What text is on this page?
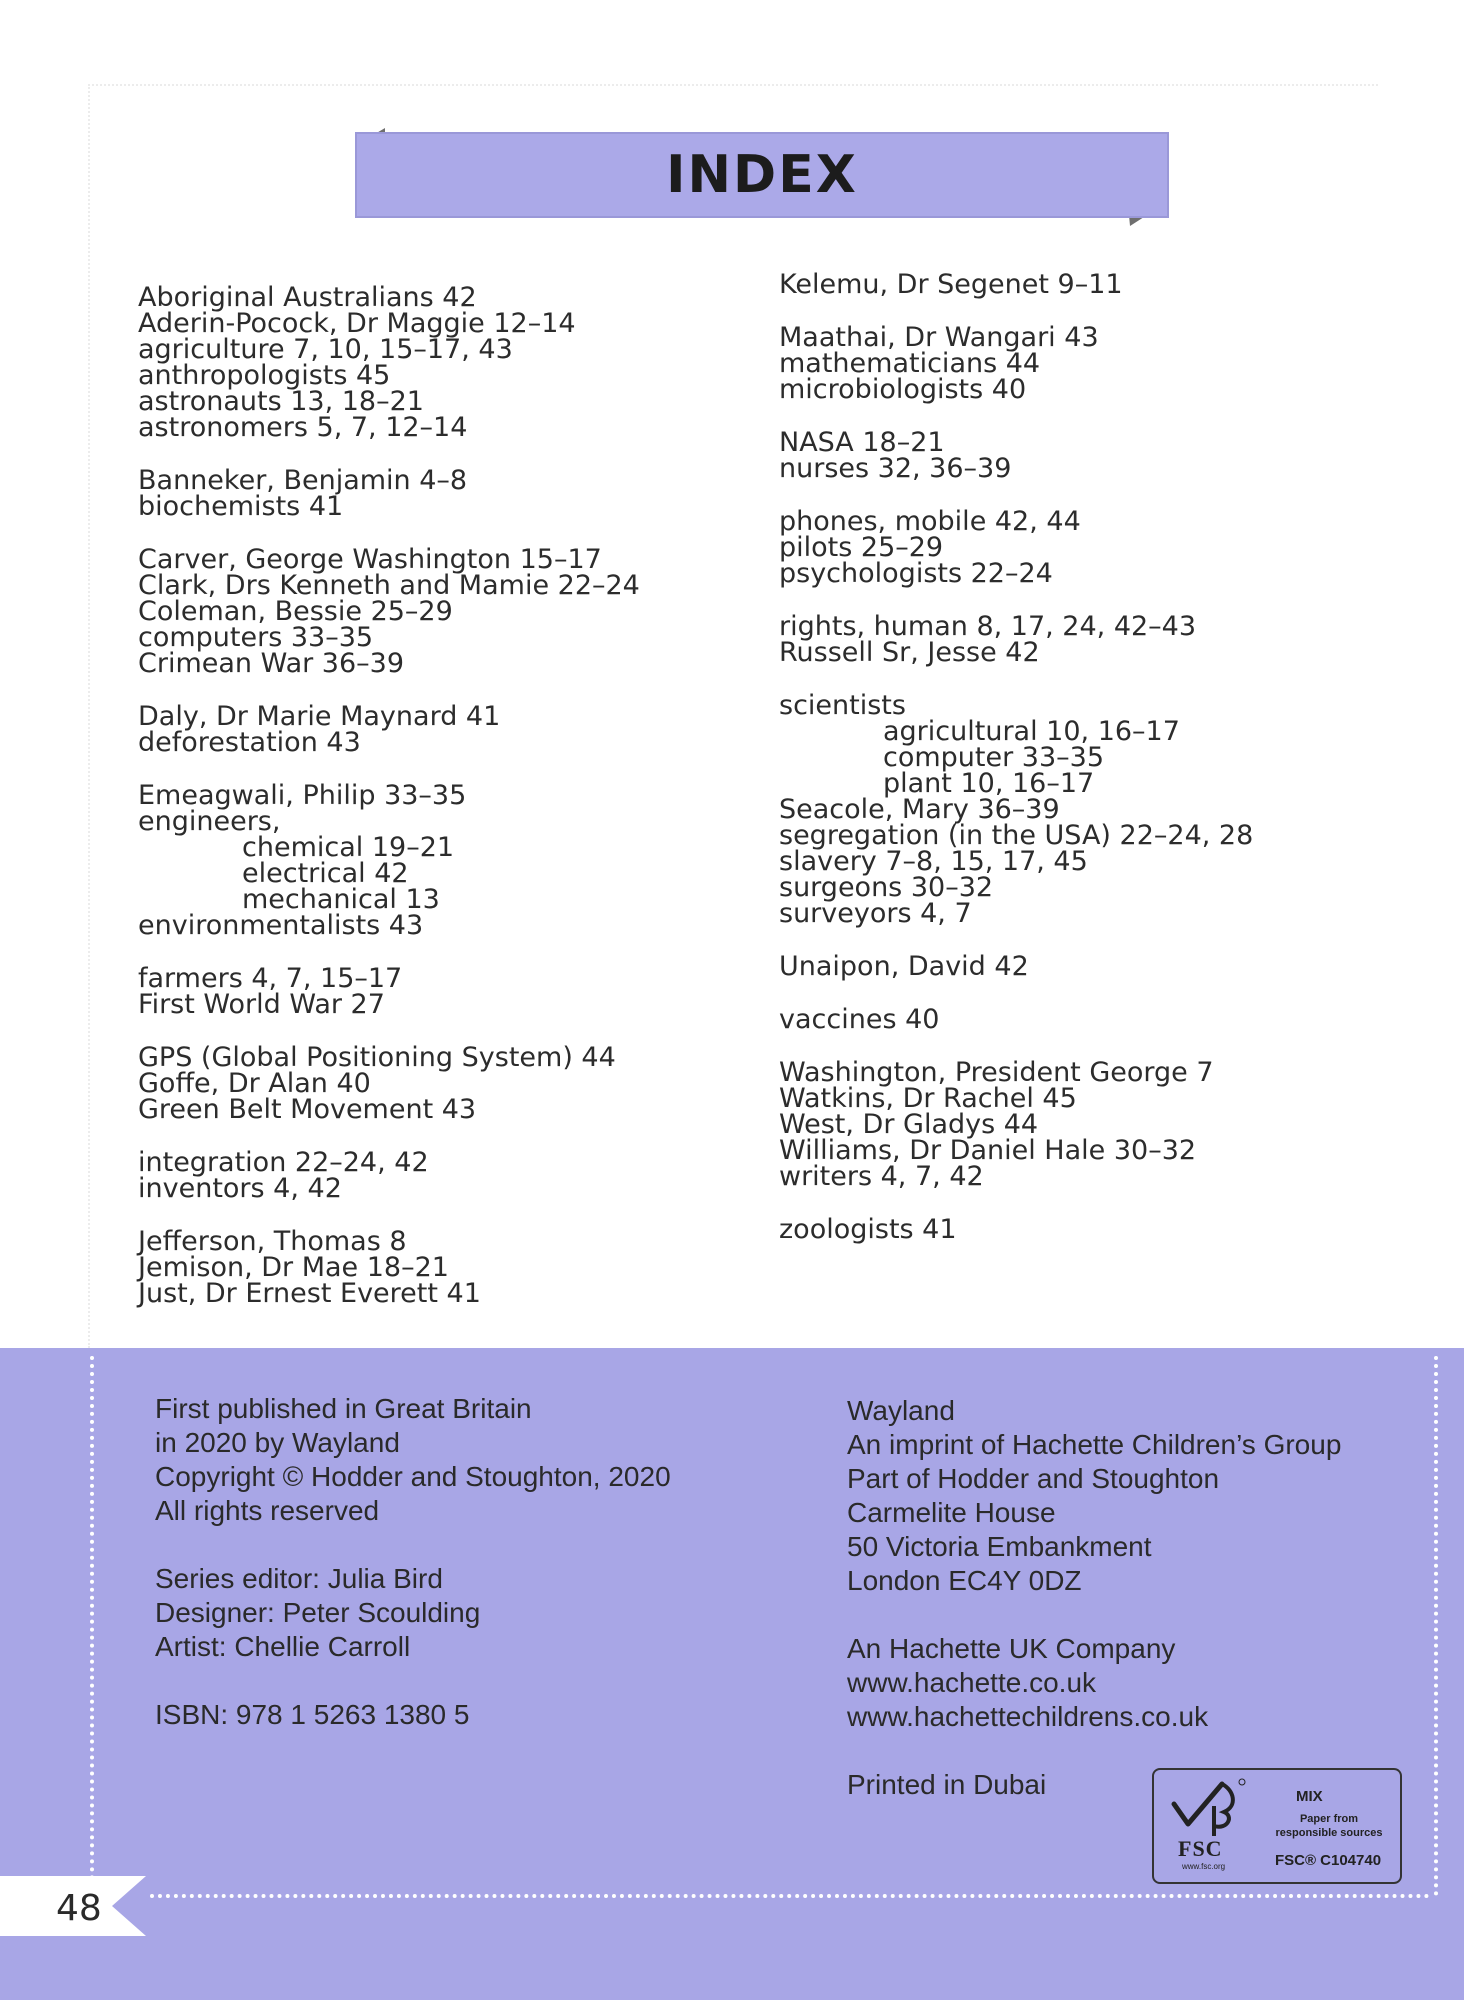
INDEX
Aboriginal Australians 42
Aderin-Pocock, Dr Maggie 12–14
agriculture 7, 10, 15–17, 43
anthropologists 45
astronauts 13, 18–21
astronomers 5, 7, 12–14
Banneker, Benjamin 4–8
biochemists 41
Carver, George Washington 15–17
Clark, Drs Kenneth and Mamie 22–24
Coleman, Bessie 25–29
computers 33–35
Crimean War 36–39
Daly, Dr Marie Maynard 41
deforestation 43
Emeagwali, Philip 33–35
engineers,
chemical 19–21
electrical 42
mechanical 13
environmentalists 43
farmers 4, 7, 15–17
First World War 27
GPS (Global Positioning System) 44
Goffe, Dr Alan 40
Green Belt Movement 43
integration 22–24, 42
inventors 4, 42
Jefferson, Thomas 8
Jemison, Dr Mae 18–21
Just, Dr Ernest Everett 41
Kelemu, Dr Segenet 9–11
Maathai, Dr Wangari 43
mathematicians 44
microbiologists 40
NASA 18–21
nurses 32, 36–39
phones, mobile 42, 44
pilots 25–29
psychologists 22–24
rights, human 8, 17, 24, 42–43
Russell Sr, Jesse 42
scientists
agricultural 10, 16–17
computer 33–35
plant 10, 16–17
Seacole, Mary 36–39
segregation (in the USA) 22–24, 28
slavery 7–8, 15, 17, 45
surgeons 30–32
surveyors 4, 7
Unaipon, David 42
vaccines 40
Washington, President George 7
Watkins, Dr Rachel 45
West, Dr Gladys 44
Williams, Dr Daniel Hale 30–32
writers 4, 7, 42
zoologists 41
First published in Great Britain
in 2020 by Wayland
Copyright © Hodder and Stoughton, 2020
All rights reserved
Series editor: Julia Bird
Designer: Peter Scoulding
Artist: Chellie Carroll
ISBN: 978 1 5263 1380 5
Wayland
An imprint of Hachette Children’s Group
Part of Hodder and Stoughton
Carmelite House
50 Victoria Embankment
London EC4Y 0DZ
An Hachette UK Company
www.hachette.co.uk
www.hachettechildrens.co.uk
Printed in Dubai
FSC
www.fsc.org
MIX
Paper from
responsible sources
FSC® C104740
48
